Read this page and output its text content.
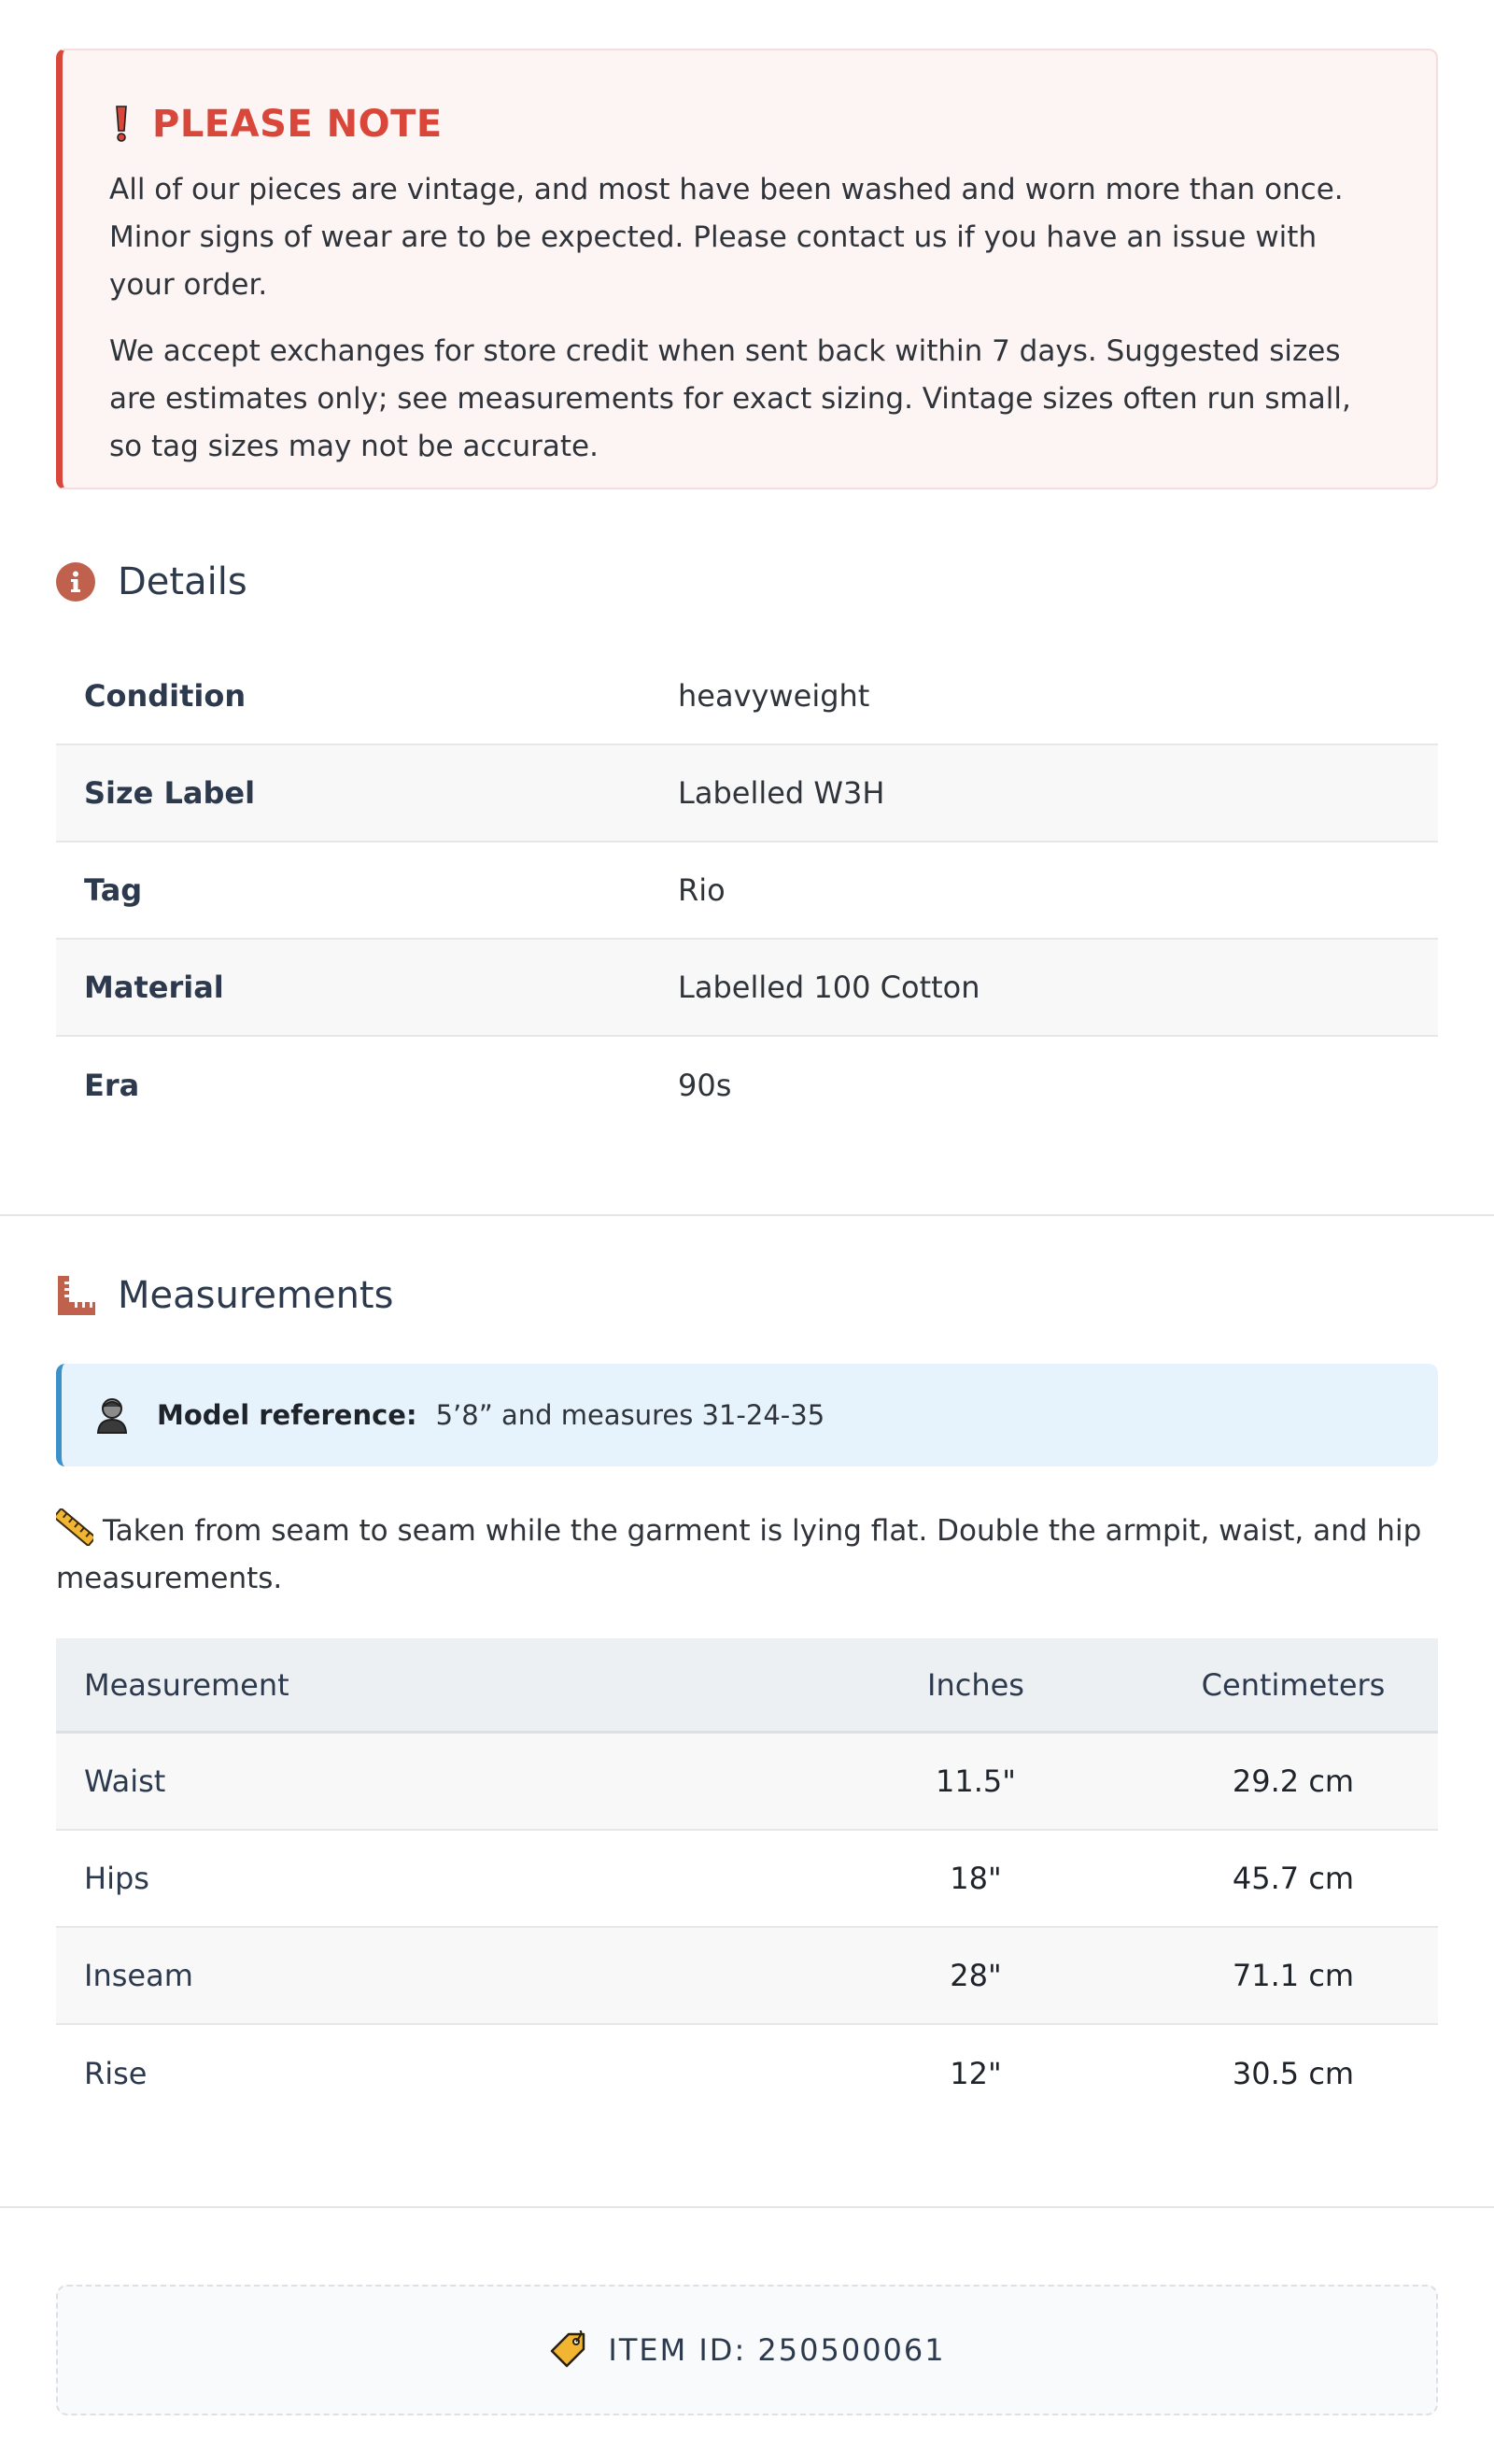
PLEASE NOTE

All of our pieces are vintage, and most have been washed and worn more than once. Minor signs of wear are to be expected. Please contact us if you have an issue with your order.

We accept exchanges for store credit when sent back within 7 days. Suggested sizes are estimates only; see measurements for exact sizing. Vintage sizes often run small, so tag sizes may not be accurate.

Details
Condition	heavyweight
Size Label	Labelled W3H
Tag	Rio
Material	Labelled 100 Cotton
Era	90s
Measurements
Model reference: 5’8” and measures 31-24-35
Taken from seam to seam while the garment is lying flat. Double the armpit, waist, and hip measurements.
Measurement	Inches	Centimeters
Waist	11.5"	29.2 cm
Hips	18"	45.7 cm
Inseam	28"	71.1 cm
Rise	12"	30.5 cm
ITEM ID: 250500061
